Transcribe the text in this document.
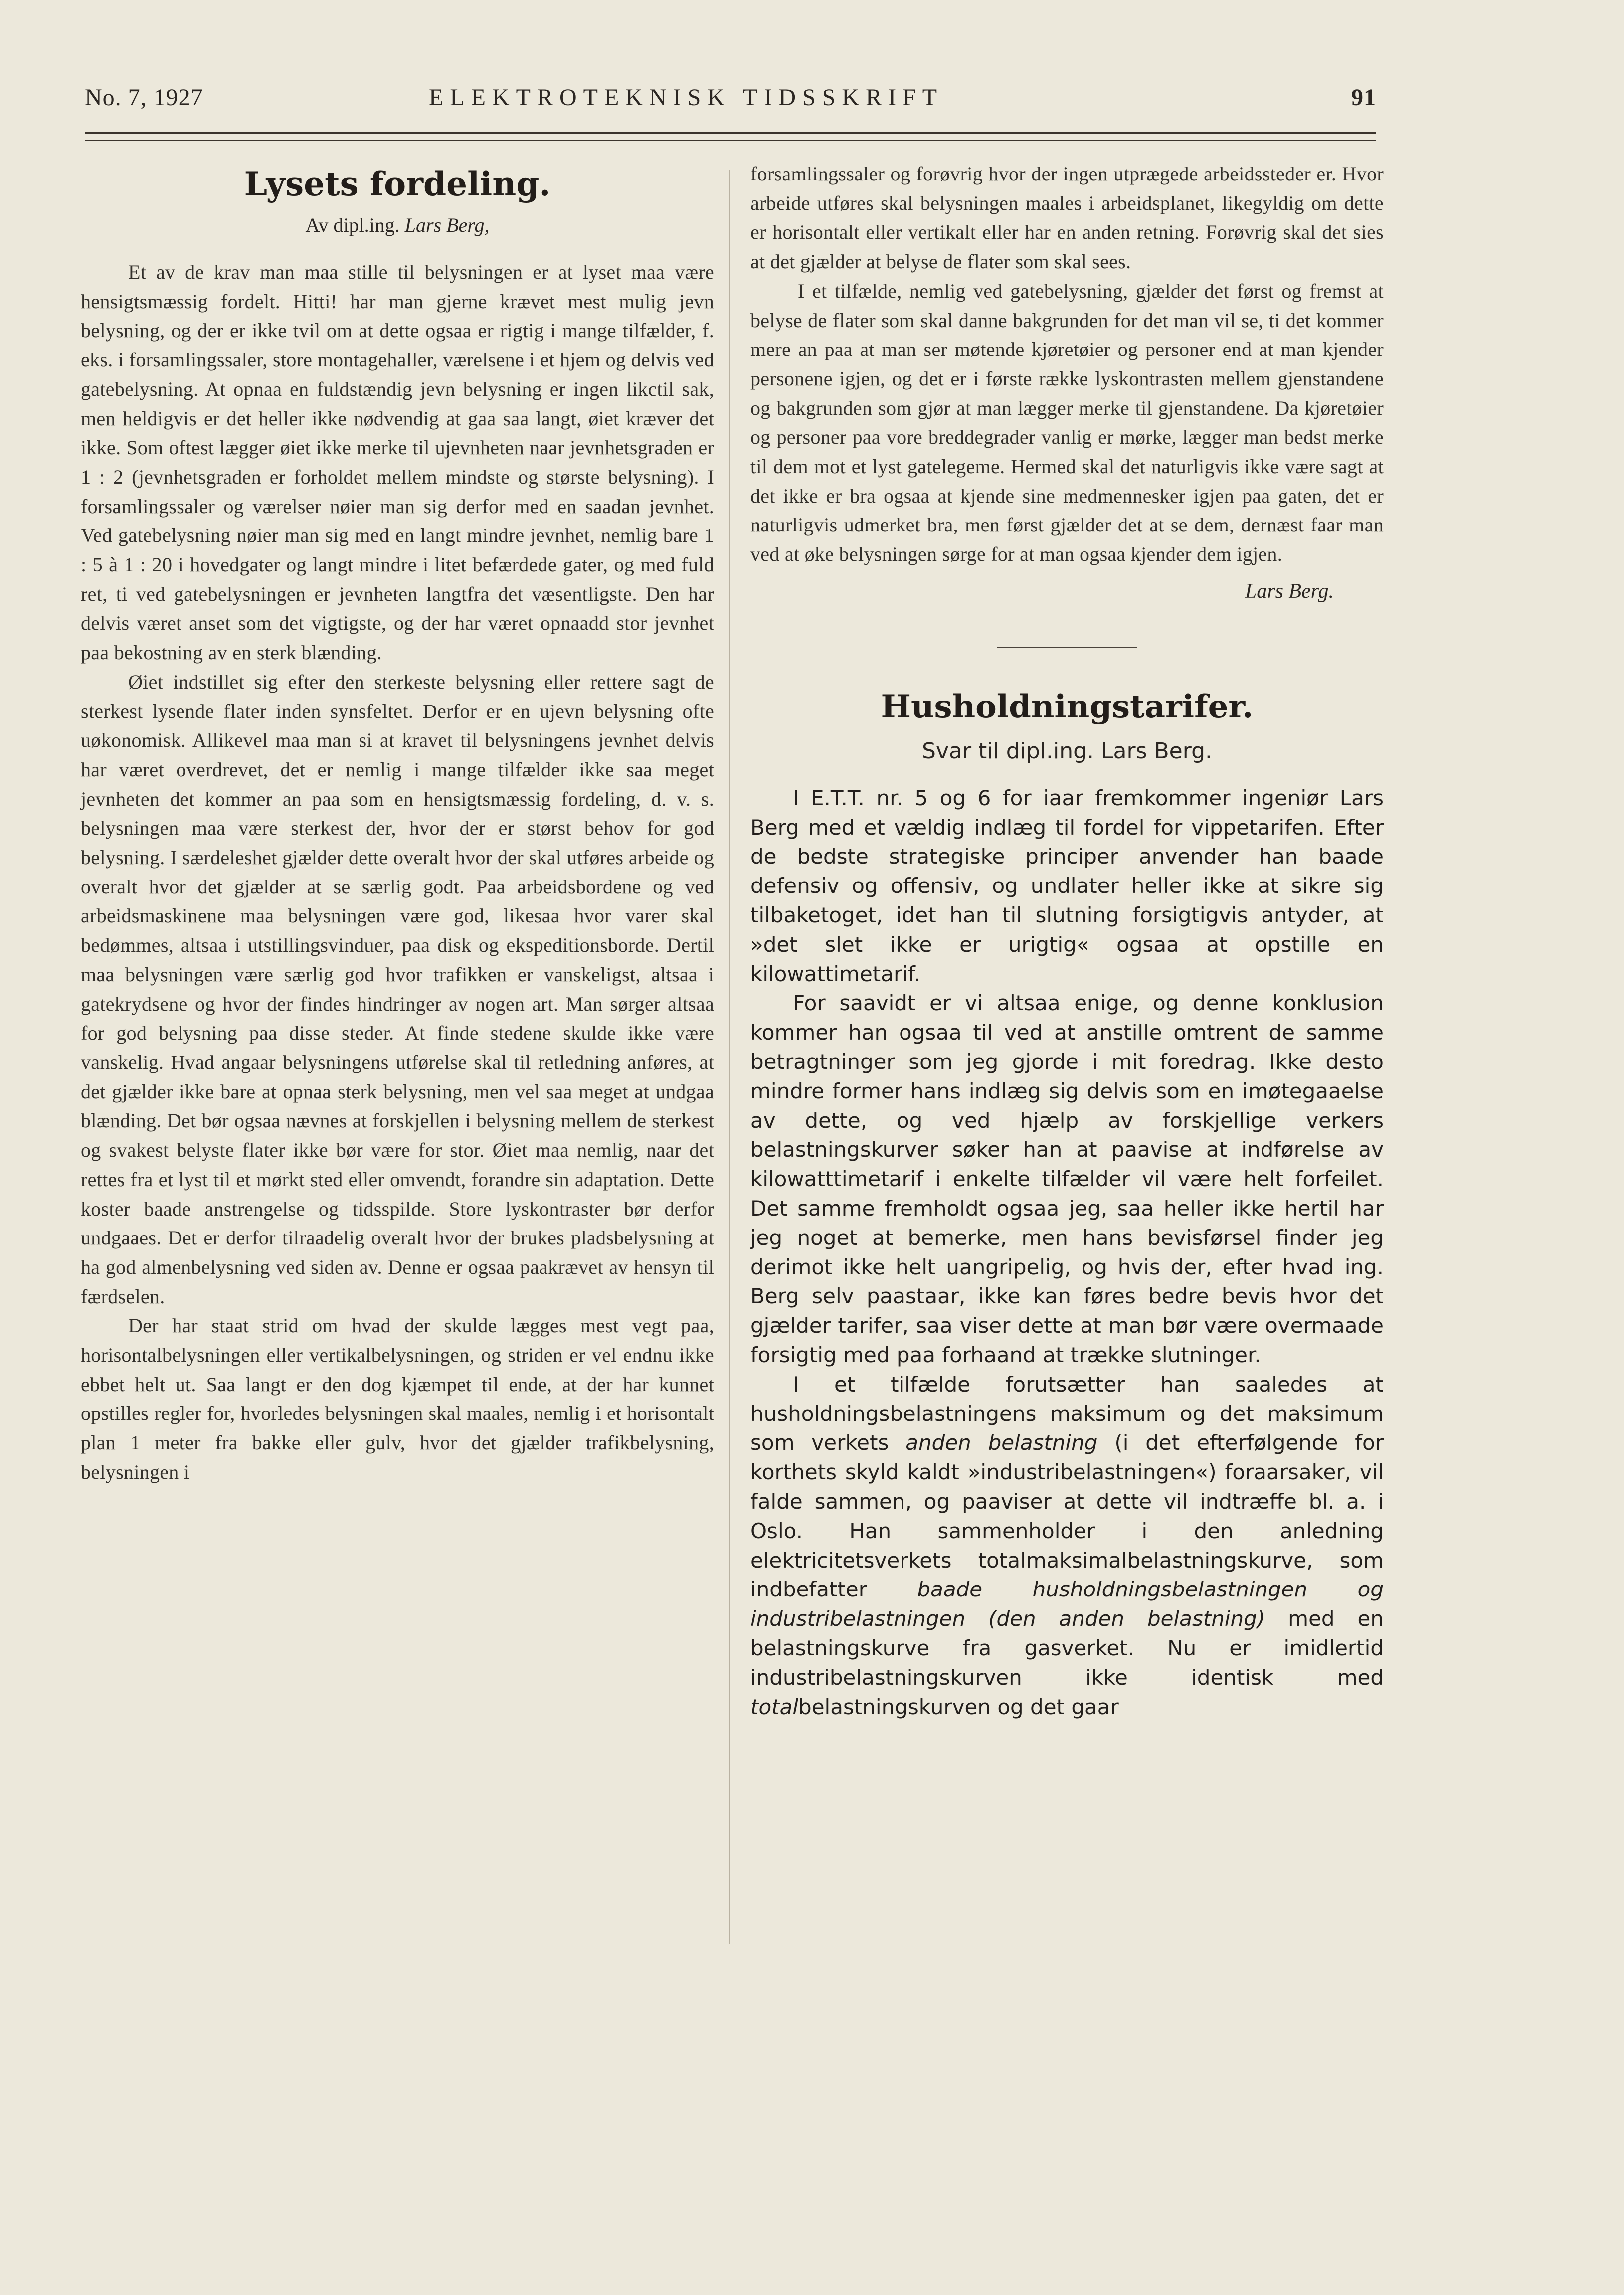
No. 7, 1927	ELEKTROTEKNISK TIDSSKRIFT	91
Lysets fordeling.
Av dipl.ing. Lars Berg,

Et av de krav man maa stille til belysningen er at lyset maa være hensigtsmæssig fordelt. Hitti! har man gjerne krævet mest mulig jevn belysning, og der er ikke tvil om at dette ogsaa er rigtig i mange tilfælder, f. eks. i forsamlingssaler, store montagehaller, værelsene i et hjem og delvis ved gatebelysning. At opnaa en fuldstændig jevn belysning er ingen likctil sak, men heldigvis er det heller ikke nødvendig at gaa saa langt, øiet kræver det ikke. Som oftest lægger øiet ikke merke til ujevnheten naar jevnhetsgraden er 1 : 2 (jevnhetsgraden er forholdet mellem mindste og største belysning). I forsamlingssaler og værelser nøier man sig derfor med en saadan jevnhet. Ved gatebelysning nøier man sig med en langt mindre jevnhet, nemlig bare 1 : 5 à 1 : 20 i hovedgater og langt mindre i litet befærdede gater, og med fuld ret, ti ved gatebelysningen er jevnheten langtfra det væsentligste. Den har delvis været anset som det vigtigste, og der har været opnaadd stor jevnhet paa bekostning av en sterk blænding.

Øiet indstillet sig efter den sterkeste belysning eller rettere sagt de sterkest lysende flater inden synsfeltet. Derfor er en ujevn belysning ofte uøkonomisk. Allikevel maa man si at kravet til belysningens jevnhet delvis har været overdrevet, det er nemlig i mange tilfælder ikke saa meget jevnheten det kommer an paa som en hensigtsmæssig fordeling, d. v. s. belysningen maa være sterkest der, hvor der er størst behov for god belysning. I særdeleshet gjælder dette overalt hvor der skal utføres arbeide og overalt hvor det gjælder at se særlig godt. Paa arbeidsbordene og ved arbeidsmaskinene maa belysningen være god, likesaa hvor varer skal bedømmes, altsaa i utstillingsvinduer, paa disk og ekspeditionsborde. Dertil maa belysningen være særlig god hvor trafikken er vanskeligst, altsaa i gatekrydsene og hvor der findes hindringer av nogen art. Man sørger altsaa for god belysning paa disse steder. At finde stedene skulde ikke være vanskelig. Hvad angaar belysningens utførelse skal til retledning anføres, at det gjælder ikke bare at opnaa sterk belysning, men vel saa meget at undgaa blænding. Det bør ogsaa nævnes at forskjellen i belysning mellem de sterkest og svakest belyste flater ikke bør være for stor. Øiet maa nemlig, naar det rettes fra et lyst til et mørkt sted eller omvendt, forandre sin adaptation. Dette koster baade anstrengelse og tidsspilde. Store lyskontraster bør derfor undgaaes. Det er derfor tilraadelig overalt hvor der brukes pladsbelysning at ha god almenbelysning ved siden av. Denne er ogsaa paakrævet av hensyn til færdselen.

Der har staat strid om hvad der skulde lægges mest vegt paa, horisontalbelysningen eller vertikalbelysningen, og striden er vel endnu ikke ebbet helt ut. Saa langt er den dog kjæmpet til ende, at der har kunnet opstilles regler for, hvorledes belysningen skal maales, nemlig i et horisontalt plan 1 meter fra bakke eller gulv, hvor det gjælder trafikbelysning, belysningen i

forsamlingssaler og forøvrig hvor der ingen utprægede arbeidssteder er. Hvor arbeide utføres skal belysningen maales i arbeidsplanet, likegyldig om dette er horisontalt eller vertikalt eller har en anden retning. Forøvrig skal det sies at det gjælder at belyse de flater som skal sees.

I et tilfælde, nemlig ved gatebelysning, gjælder det først og fremst at belyse de flater som skal danne bakgrunden for det man vil se, ti det kommer mere an paa at man ser møtende kjøretøier og personer end at man kjender personene igjen, og det er i første række lyskontrasten mellem gjenstandene og bakgrunden som gjør at man lægger merke til gjenstandene. Da kjøretøier og personer paa vore breddegrader vanlig er mørke, lægger man bedst merke til dem mot et lyst gatelegeme. Hermed skal det naturligvis ikke være sagt at det ikke er bra ogsaa at kjende sine medmennesker igjen paa gaten, det er naturligvis udmerket bra, men først gjælder det at se dem, dernæst faar man ved at øke belysningen sørge for at man ogsaa kjender dem igjen.

Lars Berg.
Husholdningstarifer.
Svar til dipl.ing. Lars Berg.

I E.T.T. nr. 5 og 6 for iaar fremkommer ingeniør Lars Berg med et vældig indlæg til fordel for vippetarifen. Efter de bedste strategiske principer anvender han baade defensiv og offensiv, og undlater heller ikke at sikre sig tilbaketoget, idet han til slutning forsigtigvis antyder, at »det slet ikke er urigtig« ogsaa at opstille en kilowattimetarif.

For saavidt er vi altsaa enige, og denne konklusion kommer han ogsaa til ved at anstille omtrent de samme betragtninger som jeg gjorde i mit foredrag. Ikke desto mindre former hans indlæg sig delvis som en imøtegaaelse av dette, og ved hjælp av forskjellige verkers belastningskurver søker han at paavise at indførelse av kilowatttimetarif i enkelte tilfælder vil være helt forfeilet. Det samme fremholdt ogsaa jeg, saa heller ikke hertil har jeg noget at bemerke, men hans bevisførsel finder jeg derimot ikke helt uangripelig, og hvis der, efter hvad ing. Berg selv paastaar, ikke kan føres bedre bevis hvor det gjælder tarifer, saa viser dette at man bør være overmaade forsigtig med paa forhaand at trække slutninger.

I et tilfælde forutsætter han saaledes at husholdningsbelastningens maksimum og det maksimum som verkets anden belastning (i det efterfølgende for korthets skyld kaldt »industribelastningen«) foraarsaker, vil falde sammen, og paaviser at dette vil indtræffe bl. a. i Oslo. Han sammenholder i den anledning elektricitetsverkets totalmaksimalbelastningskurve, som indbefatter baade husholdningsbelastningen og industribelastningen (den anden belastning) med en belastningskurve fra gasverket. Nu er imidlertid industribelastningskurven ikke identisk med totalbelastningskurven og det gaar
